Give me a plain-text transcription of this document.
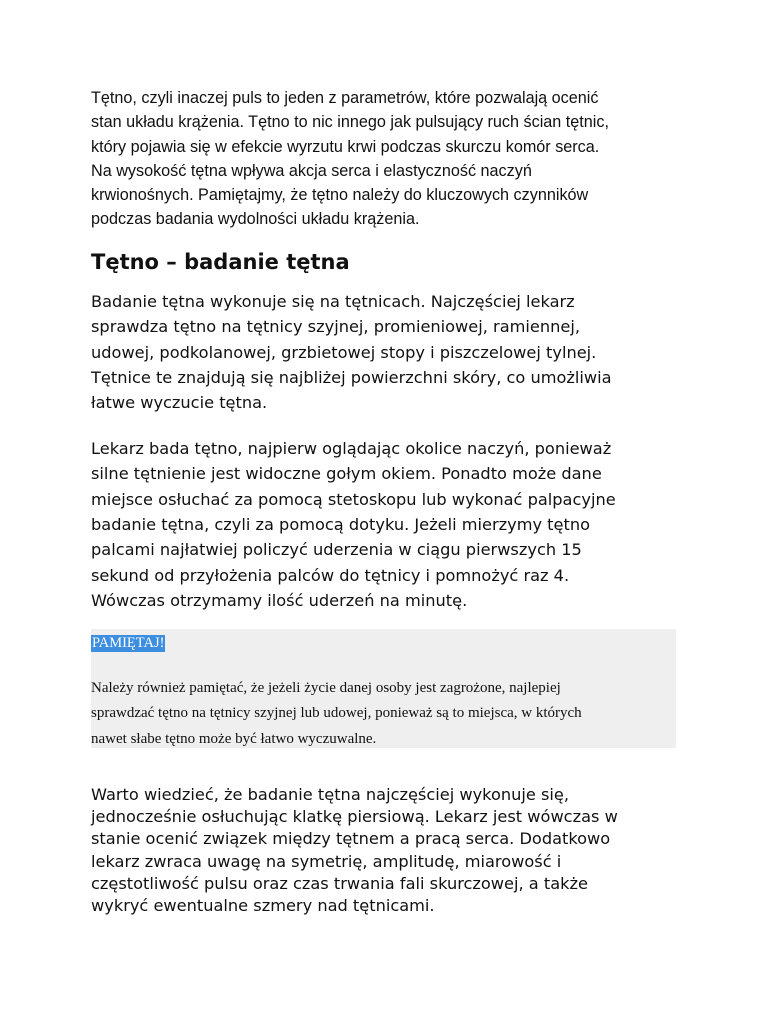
Tętno, czyli inaczej puls to jeden z parametrów, które pozwalają ocenić
stan układu krążenia. Tętno to nic innego jak pulsujący ruch ścian tętnic,
który pojawia się w efekcie wyrzutu krwi podczas skurczu komór serca.
Na wysokość tętna wpływa akcja serca i elastyczność naczyń
krwionośnych. Pamiętajmy, że tętno należy do kluczowych czynników
podczas badania wydolności układu krążenia.

Tętno – badanie tętna

Badanie tętna wykonuje się na tętnicach. Najczęściej lekarz
sprawdza tętno na tętnicy szyjnej, promieniowej, ramiennej,
udowej, podkolanowej, grzbietowej stopy i piszczelowej tylnej.
Tętnice te znajdują się najbliżej powierzchni skóry, co umożliwia
łatwe wyczucie tętna.

Lekarz bada tętno, najpierw oglądając okolice naczyń, ponieważ
silne tętnienie jest widoczne gołym okiem. Ponadto może dane
miejsce osłuchać za pomocą stetoskopu lub wykonać palpacyjne
badanie tętna, czyli za pomocą dotyku. Jeżeli mierzymy tętno
palcami najłatwiej policzyć uderzenia w ciągu pierwszych 15
sekund od przyłożenia palców do tętnicy i pomnożyć raz 4.
Wówczas otrzymamy ilość uderzeń na minutę.

PAMIĘTAJ!
Należy również pamiętać, że jeżeli życie danej osoby jest zagrożone, najlepiej
sprawdzać tętno na tętnicy szyjnej lub udowej, ponieważ są to miejsca, w których
nawet słabe tętno może być łatwo wyczuwalne.

Warto wiedzieć, że badanie tętna najczęściej wykonuje się,
jednocześnie osłuchując klatkę piersiową. Lekarz jest wówczas w
stanie ocenić związek między tętnem a pracą serca. Dodatkowo
lekarz zwraca uwagę na symetrię, amplitudę, miarowość i
częstotliwość pulsu oraz czas trwania fali skurczowej, a także
wykryć ewentualne szmery nad tętnicami.
